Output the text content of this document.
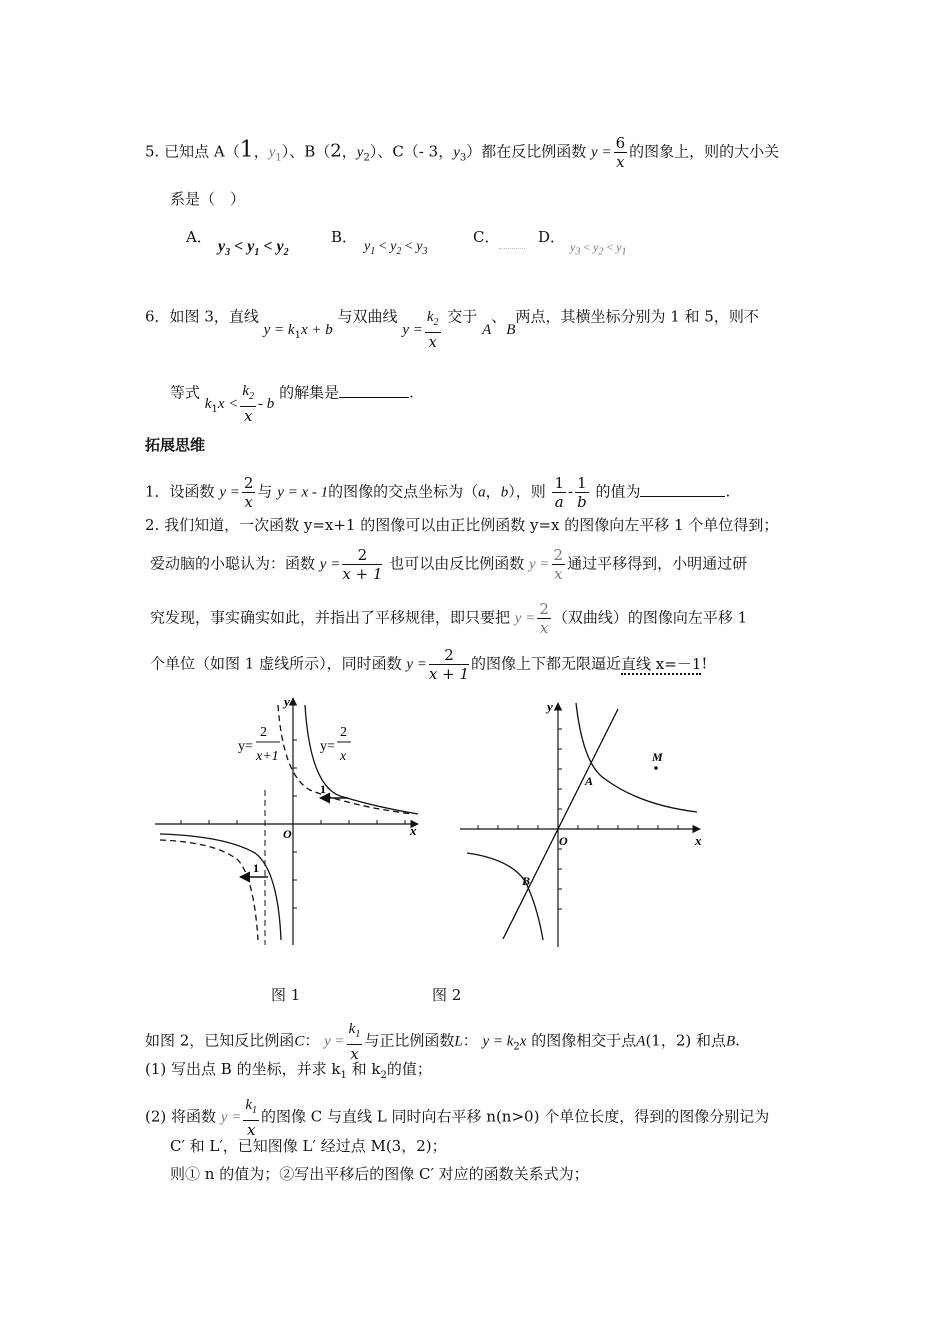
5. 已知点 A（1，$y_1$）、B（2，$y_2$）、C（- 3，$y_3$）都在反比例函数 $y = \frac{6}{x}$ 的图象上，则的大小关
系是（　）
A．
$y_3 < y_1 < y_2$
B．
$y_1 < y_2 < y_3$
C．	D．
$y_3 < y_2 < y_1$
6．如图 3，直线 $y = k_1x + b$ 与双曲线 $y = \frac{k_2}{x}$ 交于 A、B两点，其横坐标分别为 1 和 5，则不
等式 $k_1x < \frac{k_2}{x} - b$ 的解集是	.
拓展思维
1．设函数 $y = \frac{2}{x}$ 与 y = x - 1的图像的交点坐标为（a，b），则 $\frac{1}{a} - \frac{1}{b}$ 的值为	.
2. 我们知道，一次函数 y=x+1 的图像可以由正比例函数 y=x 的图像向左平移 1 个单位得到；
爱动脑的小聪认为：函数 $y = \frac{2}{x + 1}$ 也可以由反比例函数 $y = \frac{2}{x}$ 通过平移得到，小明通过研
究发现，事实确实如此，并指出了平移规律，即只要把 $y = \frac{2}{x}$ （双曲线）的图像向左平移 1
个单位（如图 1 虚线所示），同时函数 $y = \frac{2}{x + 1}$ 的图像上下都无限逼近直线 x=－1!
1
1
x
y
O
y=
2
x+1
y=
2
x
图 1
A
B
M
x
y
O
图 2
如图 2，已知反比例函C： $y = \frac{k_1}{x}$ 与正比例函数L： $y = k_2x$ 的图像相交于点A(1，2) 和点B.
(1) 写出点 B 的坐标，并求 $k_1$ 和 $k_2$的值；
(2) 将函数 $y = \frac{k_1}{x}$ 的图像 C 与直线 L 同时向右平移 n(n>0) 个单位长度，得到的图像分别记为
C′ 和 L′，已知图像 L′ 经过点 M(3，2)；
则① n 的值为；②写出平移后的图像 C′ 对应的函数关系式为；
